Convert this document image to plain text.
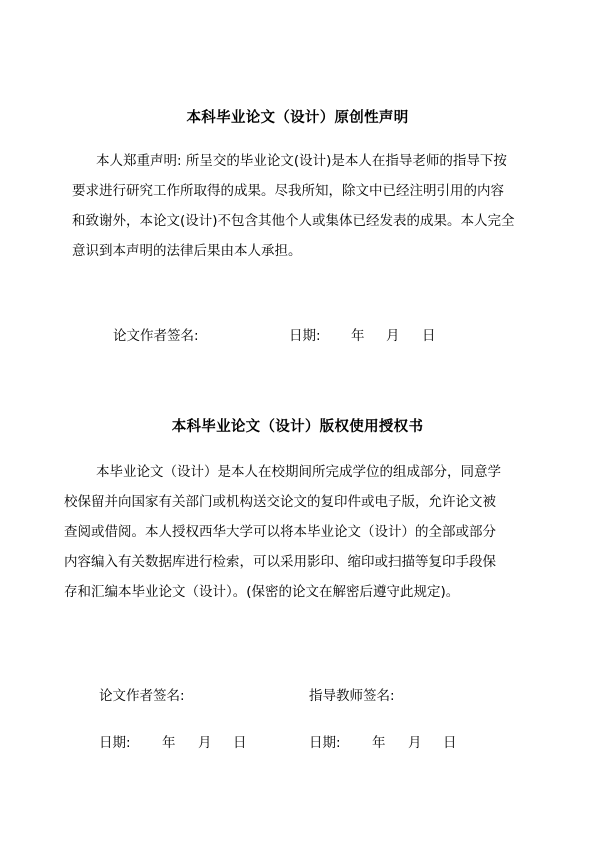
本科毕业论文（设计）原创性声明
本人郑重声明: 所呈交的毕业论文(设计)是本人在指导老师的指导下按
要求进行研究工作所取得的成果。尽我所知，除文中已经注明引用的内容
和致谢外，本论文(设计)不包含其他个人或集体已经发表的成果。本人完全
意识到本声明的法律后果由本人承担。
论文作者签名:	日期: 年 月 日
本科毕业论文（设计）版权使用授权书
本毕业论文（设计）是本人在校期间所完成学位的组成部分，同意学
校保留并向国家有关部门或机构送交论文的复印件或电子版，允许论文被
查阅或借阅。本人授权西华大学可以将本毕业论文（设计）的全部或部分
内容编入有关数据库进行检索，可以采用影印、缩印或扫描等复印手段保
存和汇编本毕业论文（设计）。(保密的论文在解密后遵守此规定)。
论文作者签名:	指导教师签名:
日期: 年 月 日	日期: 年 月 日
